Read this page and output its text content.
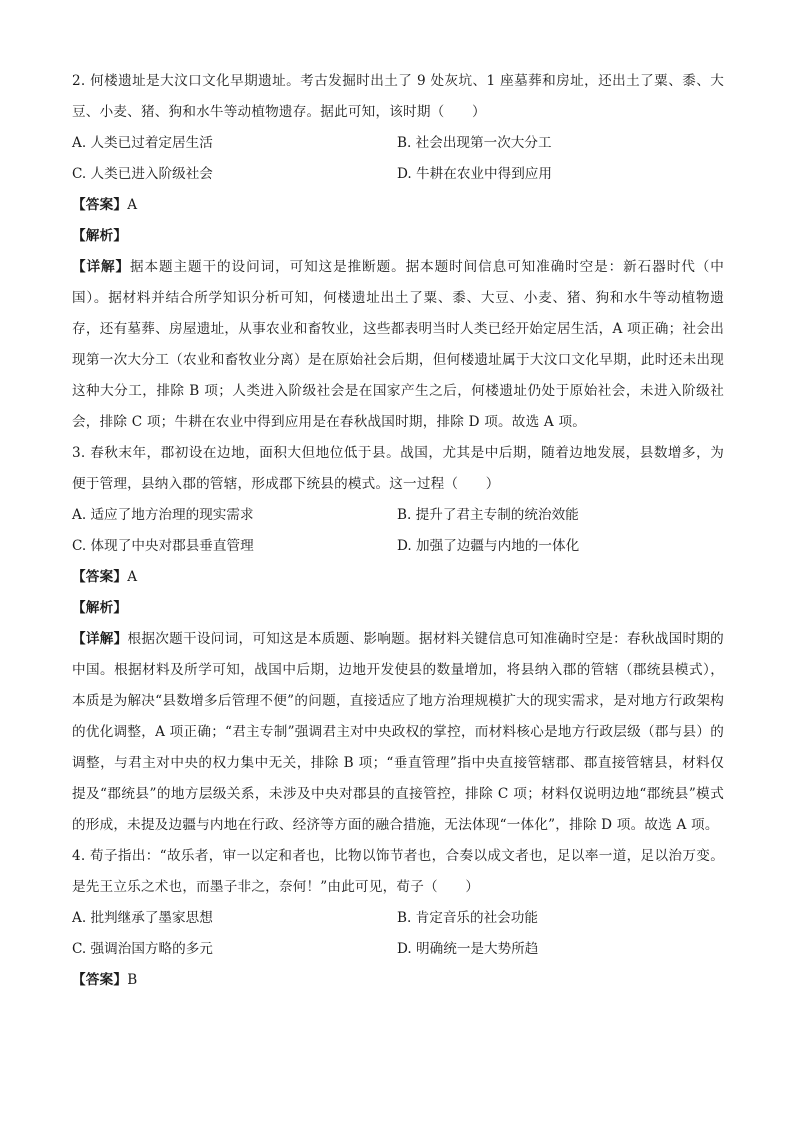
2. 何楼遗址是大汶口文化早期遗址。考古发掘时出土了 9 处灰坑、1 座墓葬和房址，还出土了粟、黍、大豆、小麦、猪、狗和水牛等动植物遗存。据此可知，该时期（　　）

A. 人类已过着定居生活	B. 社会出现第一次大分工
C. 人类已进入阶级社会	D. 牛耕在农业中得到应用

【答案】A

【解析】

【详解】据本题主题干的设问词，可知这是推断题。据本题时间信息可知准确时空是：新石器时代（中国）。据材料并结合所学知识分析可知，何楼遗址出土了粟、黍、大豆、小麦、猪、狗和水牛等动植物遗存，还有墓葬、房屋遗址，从事农业和畜牧业，这些都表明当时人类已经开始定居生活，A 项正确；社会出现第一次大分工（农业和畜牧业分离）是在原始社会后期，但何楼遗址属于大汶口文化早期，此时还未出现这种大分工，排除 B 项；人类进入阶级社会是在国家产生之后，何楼遗址仍处于原始社会，未进入阶级社会，排除 C 项；牛耕在农业中得到应用是在春秋战国时期，排除 D 项。故选 A 项。

3. 春秋末年，郡初设在边地，面积大但地位低于县。战国，尤其是中后期，随着边地发展，县数增多，为便于管理，县纳入郡的管辖，形成郡下统县的模式。这一过程（　　）

A. 适应了地方治理的现实需求	B. 提升了君主专制的统治效能
C. 体现了中央对郡县垂直管理	D. 加强了边疆与内地的一体化

【答案】A

【解析】

【详解】根据次题干设问词，可知这是本质题、影响题。据材料关键信息可知准确时空是：春秋战国时期的中国。根据材料及所学可知，战国中后期，边地开发使县的数量增加，将县纳入郡的管辖（郡统县模式），本质是为解决“县数增多后管理不便”的问题，直接适应了地方治理规模扩大的现实需求，是对地方行政架构的优化调整，A 项正确；“君主专制”强调君主对中央政权的掌控，而材料核心是地方行政层级（郡与县）的调整，与君主对中央的权力集中无关，排除 B 项；“垂直管理”指中央直接管辖郡、郡直接管辖县，材料仅提及“郡统县”的地方层级关系，未涉及中央对郡县的直接管控，排除 C 项；材料仅说明边地“郡统县”模式的形成，未提及边疆与内地在行政、经济等方面的融合措施，无法体现“一体化”，排除 D 项。故选 A 项。

4. 荀子指出：“故乐者，审一以定和者也，比物以饰节者也，合奏以成文者也，足以率一道，足以治万变。是先王立乐之术也，而墨子非之，奈何！”由此可见，荀子（　　）

A. 批判继承了墨家思想	B. 肯定音乐的社会功能
C. 强调治国方略的多元	D. 明确统一是大势所趋

【答案】B
